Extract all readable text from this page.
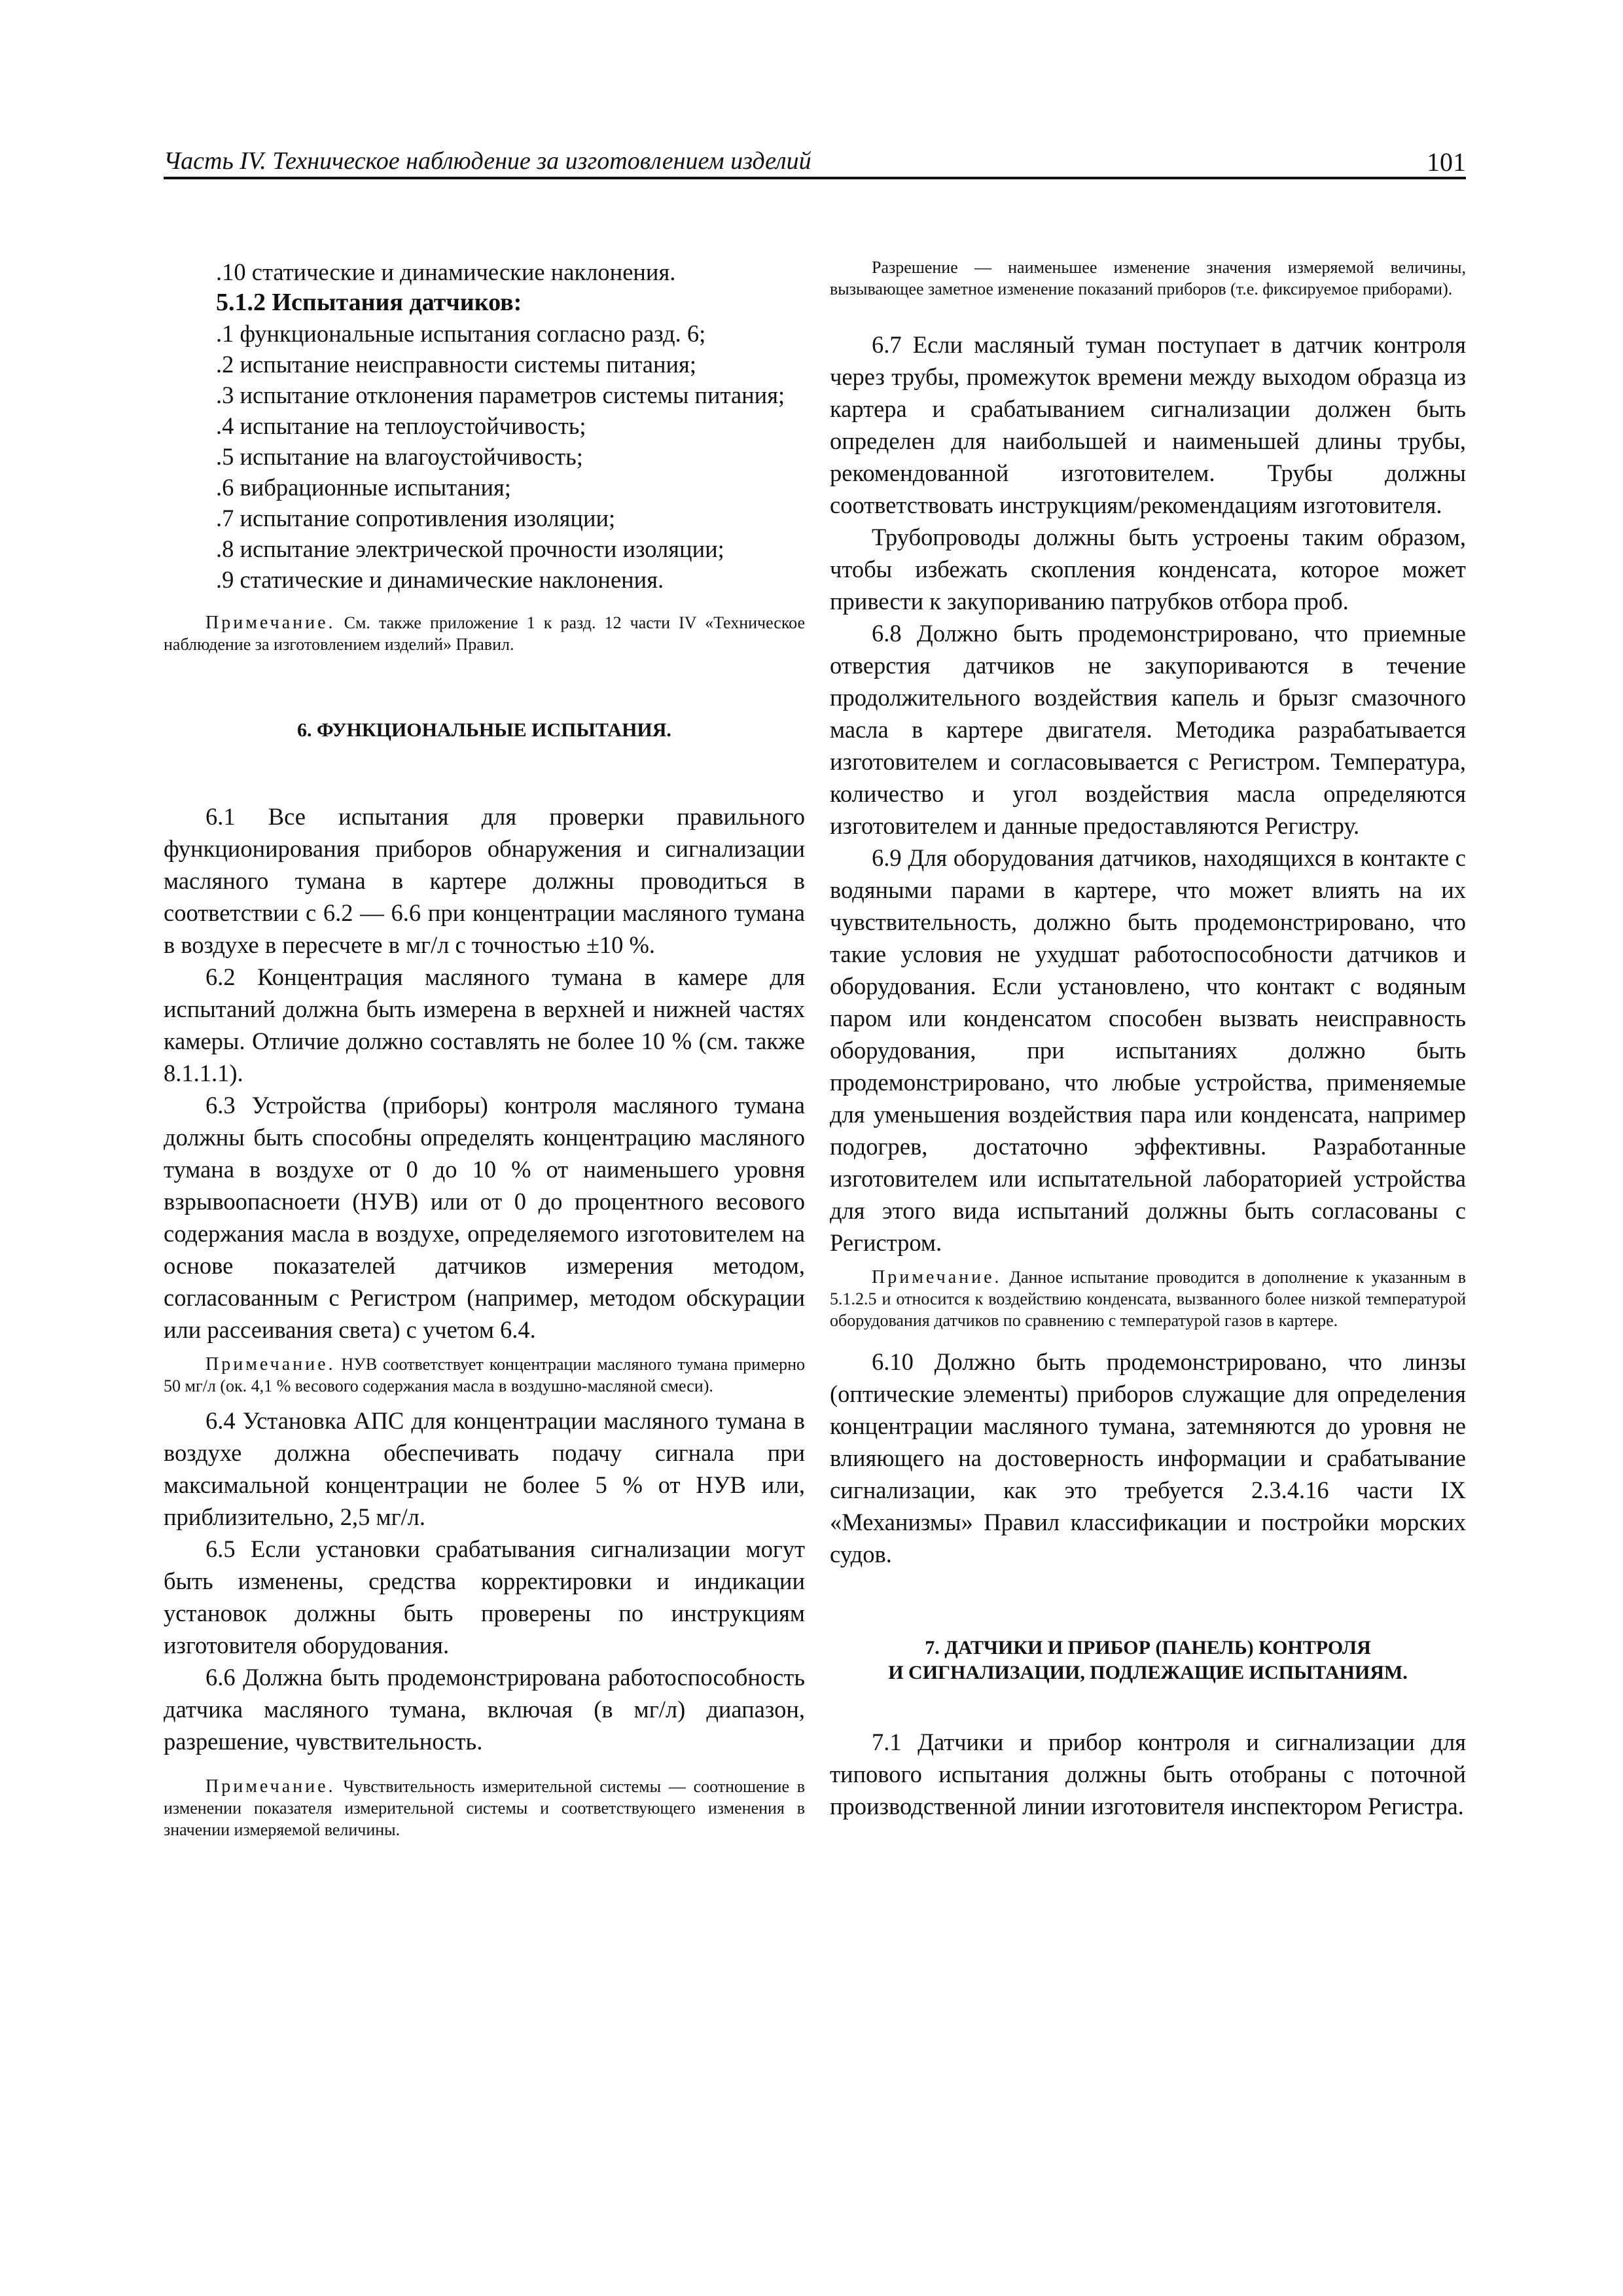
Часть IV. Техническое наблюдение за изготовлением изделий	101

.10 статические и динамические наклонения.

5.1.2 Испытания датчиков:

.1 функциональные испытания согласно разд. 6;

.2 испытание неисправности системы питания;

.3 испытание отклонения параметров системы питания;

.4 испытание на теплоустойчивость;

.5 испытание на влагоустойчивость;

.6 вибрационные испытания;

.7 испытание сопротивления изоляции;

.8 испытание электрической прочности изоляции;

.9 статические и динамические наклонения.

Примечание. См. также приложение 1 к разд. 12 части IV «Техническое наблюдение за изготовлением изделий» Правил.

6. ФУНКЦИОНАЛЬНЫЕ ИСПЫТАНИЯ.

6.1 Все испытания для проверки правильного функционирования приборов обнаружения и сигнализации масляного тумана в картере должны проводиться в соответствии с 6.2 — 6.6 при концентрации масляного тумана в воздухе в пересчете в мг/л с точностью ±10 %.

6.2 Концентрация масляного тумана в камере для испытаний должна быть измерена в верхней и нижней частях камеры. Отличие должно составлять не более 10 % (см. также 8.1.1.1).

6.3 Устройства (приборы) контроля масляного тумана должны быть способны определять концентрацию масляного тумана в воздухе от 0 до 10 % от наименьшего уровня взрывоопасноети (НУВ) или от 0 до процентного весового содержания масла в воздухе, определяемого изготовителем на основе показателей датчиков измерения методом, согласованным с Регистром (например, методом обскурации или рассеивания света) с учетом 6.4.

Примечание. НУВ соответствует концентрации масляного тумана примерно 50 мг/л (ок. 4,1 % весового содержания масла в воздушно-масляной смеси).

6.4 Установка АПС для концентрации масляного тумана в воздухе должна обеспечивать подачу сигнала при максимальной концентрации не более 5 % от НУВ или, приблизительно, 2,5 мг/л.

6.5 Если установки срабатывания сигнализации могут быть изменены, средства корректировки и индикации установок должны быть проверены по инструкциям изготовителя оборудования.

6.6 Должна быть продемонстрирована работоспособность датчика масляного тумана, включая (в мг/л) диапазон, разрешение, чувствительность.

Примечание. Чувствительность измерительной системы — соотношение в изменении показателя измерительной системы и соответствующего изменения в значении измеряемой величины.

Разрешение — наименьшее изменение значения измеряемой величины, вызывающее заметное изменение показаний приборов (т.е. фиксируемое приборами).

6.7 Если масляный туман поступает в датчик контроля через трубы, промежуток времени между выходом образца из картера и срабатыванием сигнализации должен быть определен для наибольшей и наименьшей длины трубы, рекомендованной изготовителем. Трубы должны соответствовать инструкциям/рекомендациям изготовителя.

Трубопроводы должны быть устроены таким образом, чтобы избежать скопления конденсата, которое может привести к закупориванию патрубков отбора проб.

6.8 Должно быть продемонстрировано, что приемные отверстия датчиков не закупориваются в течение продолжительного воздействия капель и брызг смазочного масла в картере двигателя. Методика разрабатывается изготовителем и согласовывается с Регистром. Температура, количество и угол воздействия масла определяются изготовителем и данные предоставляются Регистру.

6.9 Для оборудования датчиков, находящихся в контакте с водяными парами в картере, что может влиять на их чувствительность, должно быть продемонстрировано, что такие условия не ухудшат работоспособности датчиков и оборудования. Если установлено, что контакт с водяным паром или конденсатом способен вызвать неисправность оборудования, при испытаниях должно быть продемонстрировано, что любые устройства, применяемые для уменьшения воздействия пара или конденсата, например подогрев, достаточно эффективны. Разработанные изготовителем или испытательной лабораторией устройства для этого вида испытаний должны быть согласованы с Регистром.

Примечание. Данное испытание проводится в дополнение к указанным в 5.1.2.5 и относится к воздействию конденсата, вызванного более низкой температурой оборудования датчиков по сравнению с температурой газов в картере.

6.10 Должно быть продемонстрировано, что линзы (оптические элементы) приборов служащие для определения концентрации масляного тумана, затемняются до уровня не влияющего на достоверность информации и срабатывание сигнализации, как это требуется 2.3.4.16 части IX «Механизмы» Правил классификации и постройки морских судов.

7. ДАТЧИКИ И ПРИБОР (ПАНЕЛЬ) КОНТРОЛЯ

И СИГНАЛИЗАЦИИ, ПОДЛЕЖАЩИЕ ИСПЫТАНИЯМ.

7.1 Датчики и прибор контроля и сигнализации для типового испытания должны быть отобраны с поточной производственной линии изготовителя инспектором Регистра.
